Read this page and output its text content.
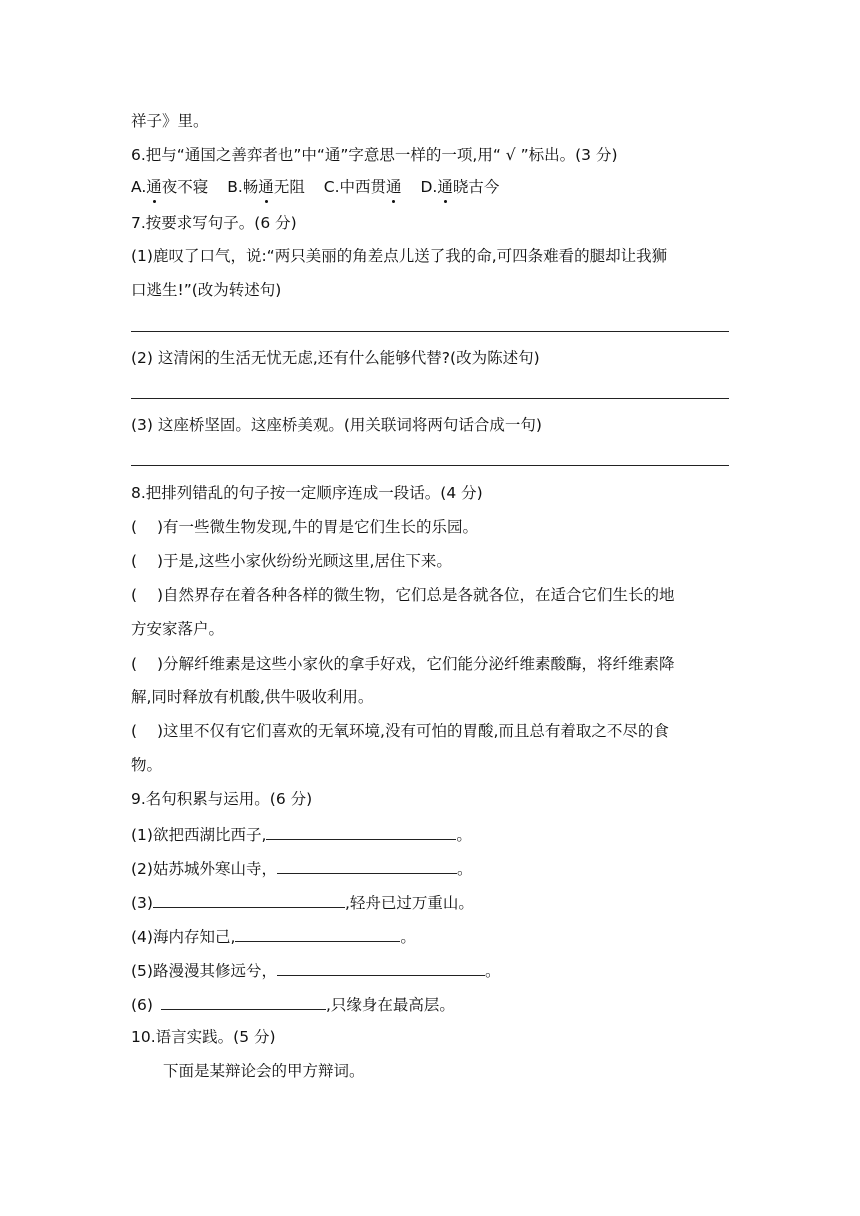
祥子》里。
6.把与“通国之善弈者也”中“通”字意思一样的一项,用“ √ ”标出。(3 分)
A.通夜不寝 B.畅通无阻 C.中西贯通 D.通晓古今
7.按要求写句子。(6 分)
(1)鹿叹了口气，说:“两只美丽的角差点儿送了我的命,可四条难看的腿却让我狮
口逃生!”(改为转述句)
(2) 这清闲的生活无忧无虑,还有什么能够代替?(改为陈述句)
(3) 这座桥坚固。这座桥美观。(用关联词将两句话合成一句)
8.把排列错乱的句子按一定顺序连成一段话。(4 分)
( )有一些微生物发现,牛的胃是它们生长的乐园。
( )于是,这些小家伙纷纷光顾这里,居住下来。
( )自然界存在着各种各样的微生物，它们总是各就各位，在适合它们生长的地
方安家落户。
( )分解纤维素是这些小家伙的拿手好戏，它们能分泌纤维素酸酶，将纤维素降
解,同时释放有机酸,供牛吸收利用。
( )这里不仅有它们喜欢的无氧环境,没有可怕的胃酸,而且总有着取之不尽的食
物。
9.名句积累与运用。(6 分)
(1)欲把西湖比西子,	。
(2)姑苏城外寒山寺，	。
(3)	,轻舟已过万重山。
(4)海内存知己,	。
(5)路漫漫其修远兮，	。
(6)	,只缘身在最高层。
10.语言实践。(5 分)
下面是某辩论会的甲方辩词。
